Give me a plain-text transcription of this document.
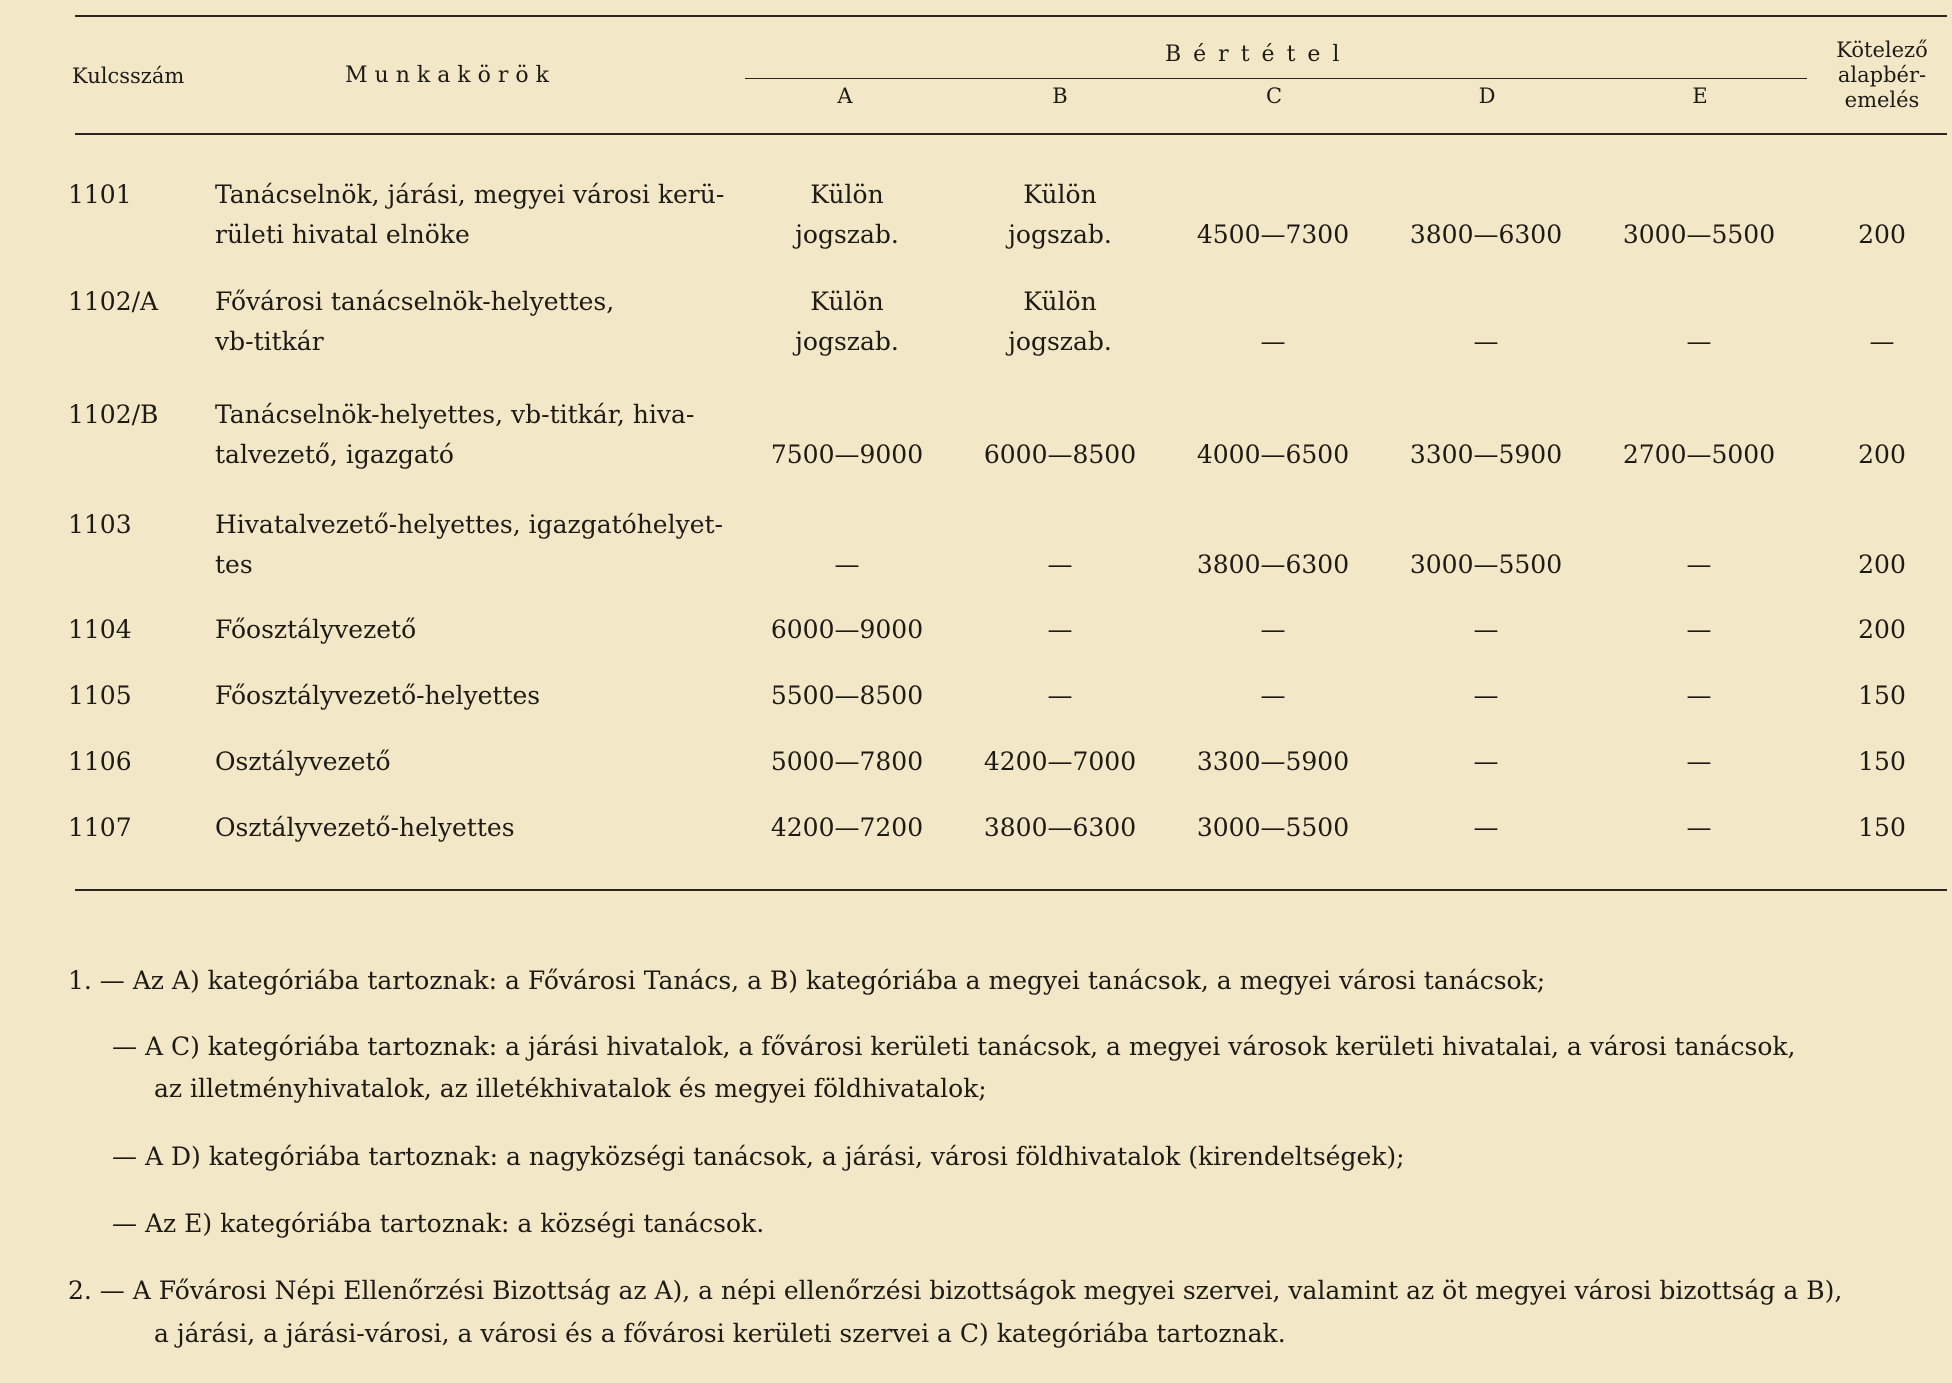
Kulcsszám	Munkakörök
Bértétel
A	B	C	D	E
Kötelező alapbér-emelés
1101	Tanácselnök, járási, megyei városi kerü-
rületi hivatal elnöke
Külön
jogszab.
Külön
jogszab.	4500—7300	3800—6300	3000—5500	200
1102/A Fővárosi tanácselnök-helyettes,
vb-titkár
Külön
jogszab.
Külön
jogszab.	—	—	—	—
1102/B Tanácselnök-helyettes, vb-titkár, hiva-
talvezető, igazgató	7500—9000	6000—8500	4000—6500	3300—5900	2700—5000	200
1103	Hivatalvezető-helyettes, igazgatóhelyet-
tes	—	—	3800—6300	3000—5500	—	200
1104	Főosztályvezető	6000—9000	—	—	—	—	200
1105	Főosztályvezető-helyettes	5500—8500	—	—	—	—	150
1106	Osztályvezető	5000—7800	4200—7000	3300—5900	—	—	150
1107	Osztályvezető-helyettes	4200—7200	3800—6300	3000—5500	—	—	150
1. — Az A) kategóriába tartoznak: a Fővárosi Tanács, a B) kategóriába a megyei tanácsok, a megyei városi tanácsok;
— A C) kategóriába tartoznak: a járási hivatalok, a fővárosi kerületi tanácsok, a megyei városok kerületi hivatalai, a városi tanácsok,
az illetményhivatalok, az illetékhivatalok és megyei földhivatalok;
— A D) kategóriába tartoznak: a nagyközségi tanácsok, a járási, városi földhivatalok (kirendeltségek);
— Az E) kategóriába tartoznak: a községi tanácsok.
2. — A Fővárosi Népi Ellenőrzési Bizottság az A), a népi ellenőrzési bizottságok megyei szervei, valamint az öt megyei városi bizottság a B),
a járási, a járási-városi, a városi és a fővárosi kerületi szervei a C) kategóriába tartoznak.
